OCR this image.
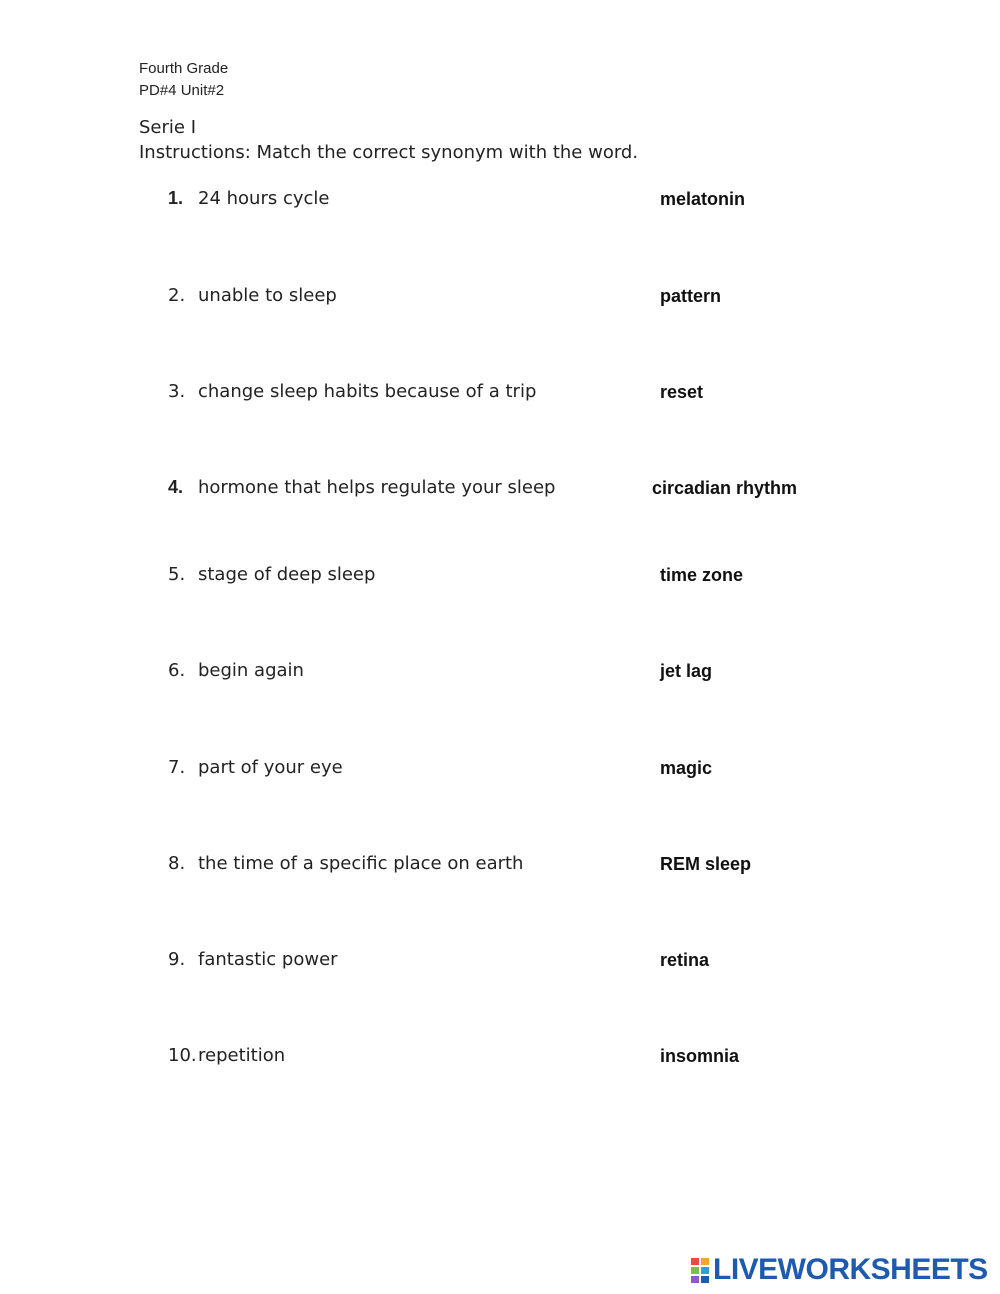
Fourth Grade
PD#4 Unit#2
Serie I
Instructions: Match the correct synonym with the word.
1. 24 hours cycle	melatonin
2. unable to sleep	pattern
3. change sleep habits because of a trip	reset
4. hormone that helps regulate your sleep	circadian rhythm
5. stage of deep sleep	time zone
6. begin again	jet lag
7. part of your eye	magic
8. the time of a specific place on earth	REM sleep
9. fantastic power	retina
10. repetition	insomnia
LIVEWORKSHEETS
